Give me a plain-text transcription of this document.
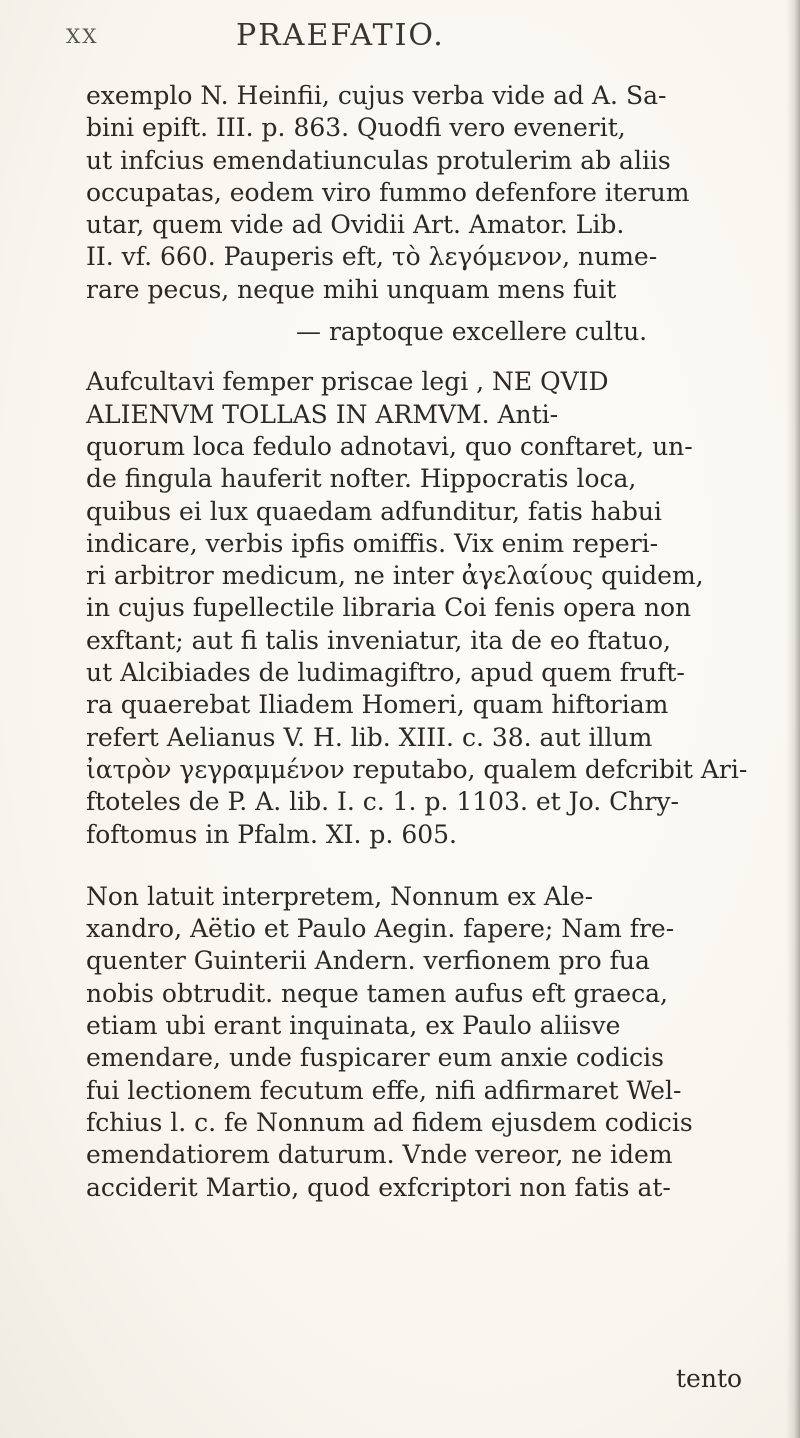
XX	PRAEFATIO.

exemplo N. Heinfii, cujus verba vide ad A. Sa-
bini epift. III. p. 863. Quodfi vero evenerit,
ut infcius emendatiunculas protulerim ab aliis
occupatas, eodem viro fummo defenfore iterum
utar, quem vide ad Ovidii Art. Amator. Lib.
II. vf. 660. Pauperis eft, τὸ λεγόμενον, nume-
rare pecus, neque mihi unquam mens fuit

— raptoque excellere cultu.

Aufcultavi femper priscae legi , NE QVID
ALIENVM TOLLAS IN ARMVM. Anti-
quorum loca fedulo adnotavi, quo conftaret, un-
de fingula hauferit nofter. Hippocratis loca,
quibus ei lux quaedam adfunditur, fatis habui
indicare, verbis ipfis omiffis. Vix enim reperi-
ri arbitror medicum, ne inter ἀγελαίους quidem,
in cujus fupellectile libraria Coi fenis opera non
exftant; aut fi talis inveniatur, ita de eo ftatuo,
ut Alcibiades de ludimagiftro, apud quem fruft-
ra quaerebat Iliadem Homeri, quam hiftoriam
refert Aelianus V. H. lib. XIII. c. 38. aut illum
ἰατρὸν γεγραμμένον reputabo, qualem defcribit Ari-
ftoteles de P. A. lib. I. c. 1. p. 1103. et Jo. Chry-
foftomus in Pfalm. XI. p. 605.

Non latuit interpretem, Nonnum ex Ale-
xandro, Aëtio et Paulo Aegin. fapere; Nam fre-
quenter Guinterii Andern. verfionem pro fua
nobis obtrudit. neque tamen aufus eft graeca,
etiam ubi erant inquinata, ex Paulo aliisve
emendare, unde fuspicarer eum anxie codicis
fui lectionem fecutum effe, nifi adfirmaret Wel-
fchius l. c. fe Nonnum ad fidem ejusdem codicis
emendatiorem daturum. Vnde vereor, ne idem
acciderit Martio, quod exfcriptori non fatis at-

tento
